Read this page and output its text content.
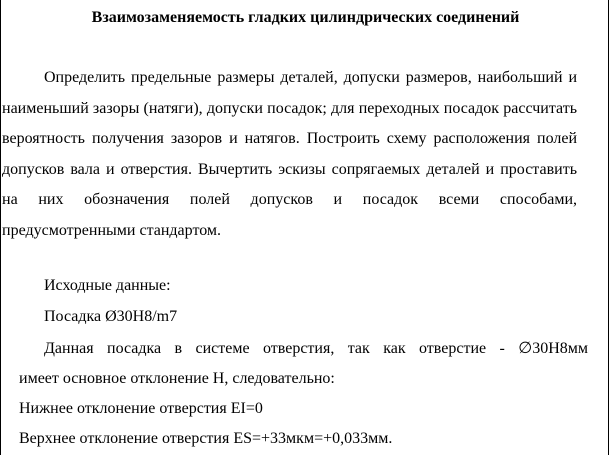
Взаимозаменяемость гладких цилиндрических соединений

Определить предельные размеры деталей, допуски размеров, наибольший и наименьший зазоры (натяги), допуски посадок; для переходных посадок рассчитать вероятность получения зазоров и натягов. Построить схему расположения полей допусков вала и отверстия. Вычертить эскизы сопрягаемых деталей и проставить на них обозначения полей допусков и посадок всеми способами, предусмотренными стандартом.

Исходные данные:

Посадка Ø30H8/m7

Данная посадка в системе отверстия, так как отверстие - ∅30H8мм

имеет основное отклонение H, следовательно:

Нижнее отклонение отверстия EI=0

Верхнее отклонение отверстия ES=+33мкм=+0,033мм.
